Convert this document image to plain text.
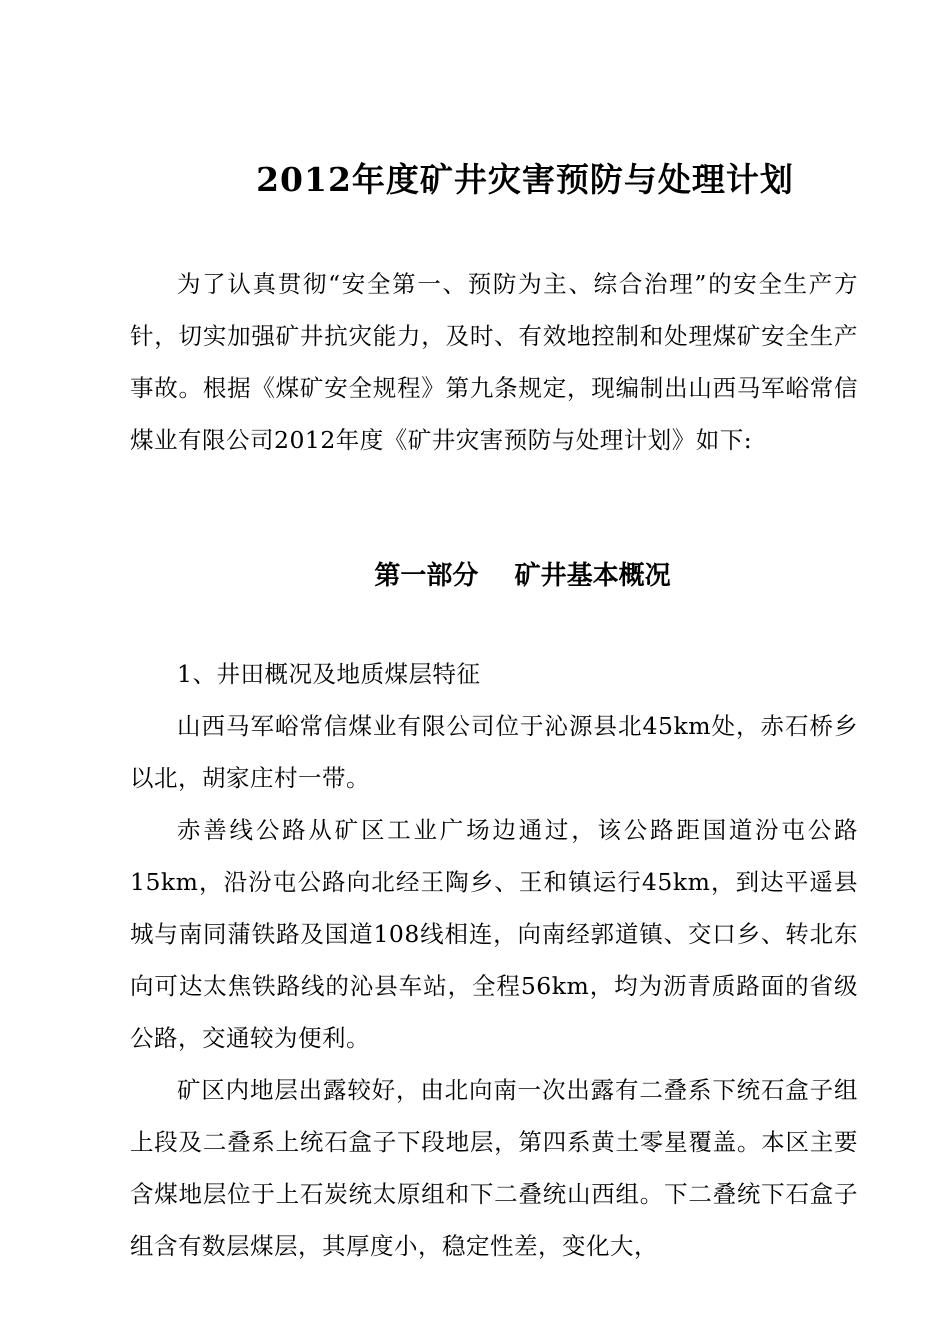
2012年度矿井灾害预防与处理计划

为了认真贯彻“安全第一、预防为主、综合治理”的安全生产方针，切实加强矿井抗灾能力，及时、有效地控制和处理煤矿安全生产事故。根据《煤矿安全规程》第九条规定，现编制出山西马军峪常信煤业有限公司2012年度《矿井灾害预防与处理计划》如下:

第一部分    矿井基本概况

1、井田概况及地质煤层特征

山西马军峪常信煤业有限公司位于沁源县北45km处，赤石桥乡以北，胡家庄村一带。

赤善线公路从矿区工业广场边通过，该公路距国道汾屯公路15km，沿汾屯公路向北经王陶乡、王和镇运行45km，到达平遥县城与南同蒲铁路及国道108线相连，向南经郭道镇、交口乡、转北东向可达太焦铁路线的沁县车站，全程56km，均为沥青质路面的省级公路，交通较为便利。

矿区内地层出露较好，由北向南一次出露有二叠系下统石盒子组上段及二叠系上统石盒子下段地层，第四系黄土零星覆盖。本区主要含煤地层位于上石炭统太原组和下二叠统山西组。下二叠统下石盒子组含有数层煤层，其厚度小，稳定性差，变化大，
